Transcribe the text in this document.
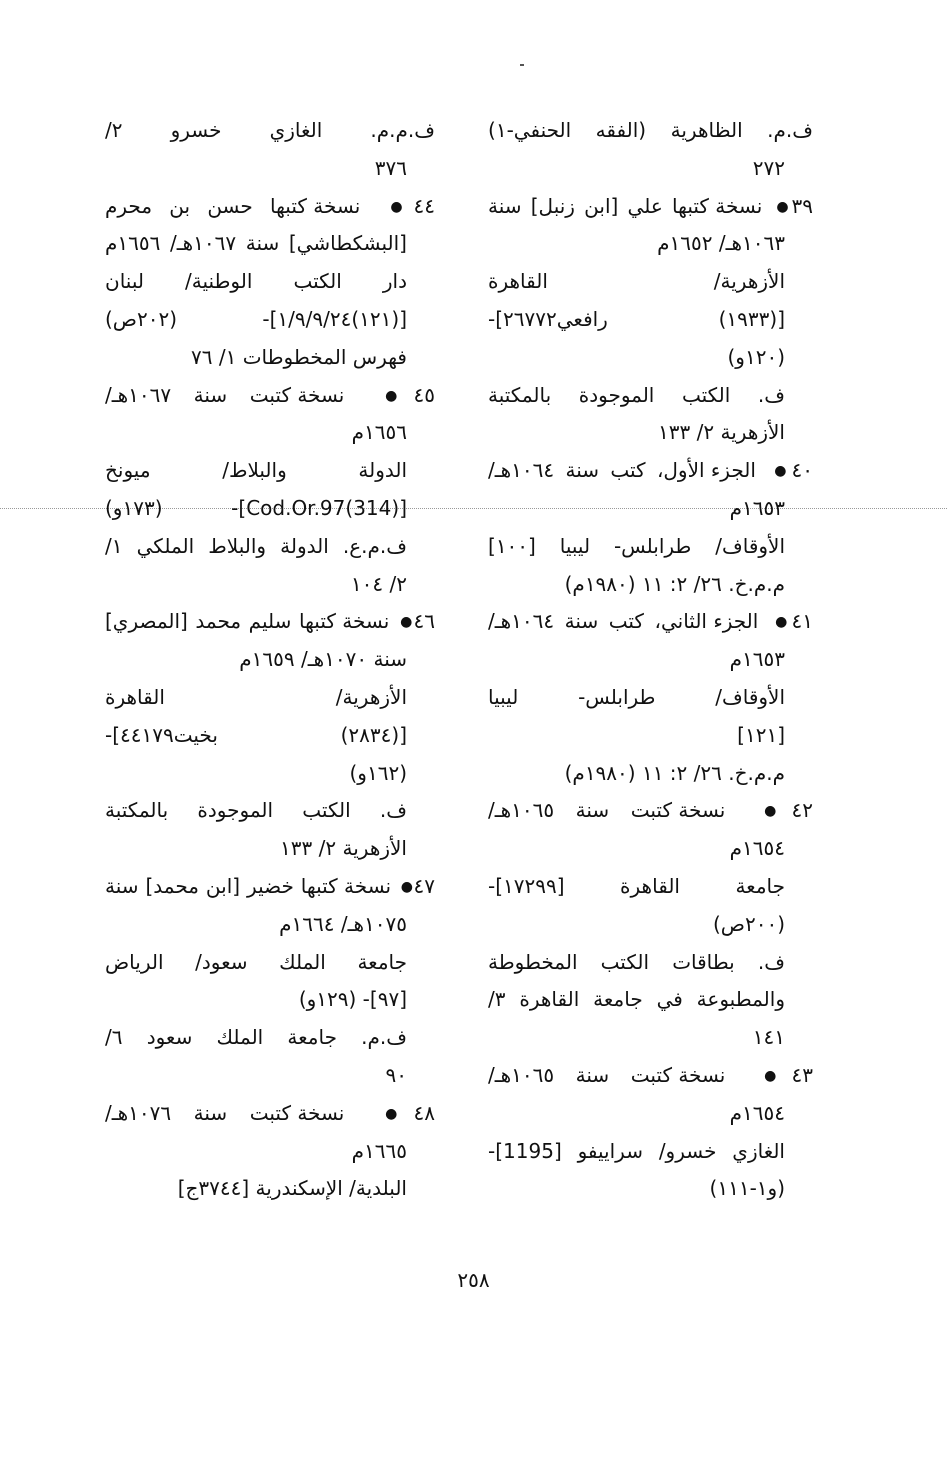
ف.م. الظاهرية (الفقه الحنفي-١)
٢٧٢
٣٩● نسخة كتبها علي [ابن زنبل] سنة
١٠٦٣هـ/ ١٦٥٢م
الأزهرية/ القاهرة
[(١٩٣٣) رافعي٢٦٧٧٢]-
(١٢٠و)
ف. الكتب الموجودة بالمكتبة
الأزهرية ٢/ ١٣٣
٤٠● الجزء الأول، كتب سنة ١٠٦٤هـ/
١٦٥٣م
الأوقاف/ طرابلس- ليبيا [١٠٠]
م.م.خ. ٢٦/ ٢: ١١ (١٩٨٠م)
٤١● الجزء الثاني، كتب سنة ١٠٦٤هـ/
١٦٥٣م
الأوقاف/ طرابلس- ليبيا
[١٢١]
م.م.خ. ٢٦/ ٢: ١١ (١٩٨٠م)
٤٢● نسخة كتبت سنة ١٠٦٥هـ/
١٦٥٤م
جامعة القاهرة [١٧٢٩٩]-
(٢٠٠ص)
ف. بطاقات الكتب المخطوطة
والمطبوعة في جامعة القاهرة ٣/
١٤١
٤٣● نسخة كتبت سنة ١٠٦٥هـ/
١٦٥٤م
الغازي خسرو/ سراييفو [1195]-
(و١-١١١)
ف.م.م. الغازي خسرو ٢/
٣٧٦
٤٤● نسخة كتبها حسن بن محرم
[البشكطاشي] سنة ١٠٦٧هـ/ ١٦٥٦م
دار الكتب الوطنية/ لبنان
[(١٢١)١/٩/٩/٢٤]- (٢٠٢ص)
فهرس المخطوطات ١/ ٧٦
٤٥● نسخة كتبت سنة ١٠٦٧هـ/
١٦٥٦م
الدولة والبلاط/ ميونخ
[(314)Cod.Or.97]- (١٧٣و)
ف.م.ع. الدولة والبلاط الملكي ١/
٢/ ١٠٤
٤٦● نسخة كتبها سليم محمد [المصري]
سنة ١٠٧٠هـ/ ١٦٥٩م
الأزهرية/ القاهرة
[(٢٨٣٤) بخيت٤٤١٧٩]-
(١٦٢و)
ف. الكتب الموجودة بالمكتبة
الأزهرية ٢/ ١٣٣
٤٧● نسخة كتبها خضير [ابن محمد] سنة
١٠٧٥هـ/ ١٦٦٤م
جامعة الملك سعود/ الرياض
[٩٧]- (١٢٩و)
ف.م. جامعة الملك سعود ٦/
٩٠
٤٨● نسخة كتبت سنة ١٠٧٦هـ/
١٦٦٥م
البلدية/ الإسكندرية [٣٧٤٤ج]
٢٥٨
